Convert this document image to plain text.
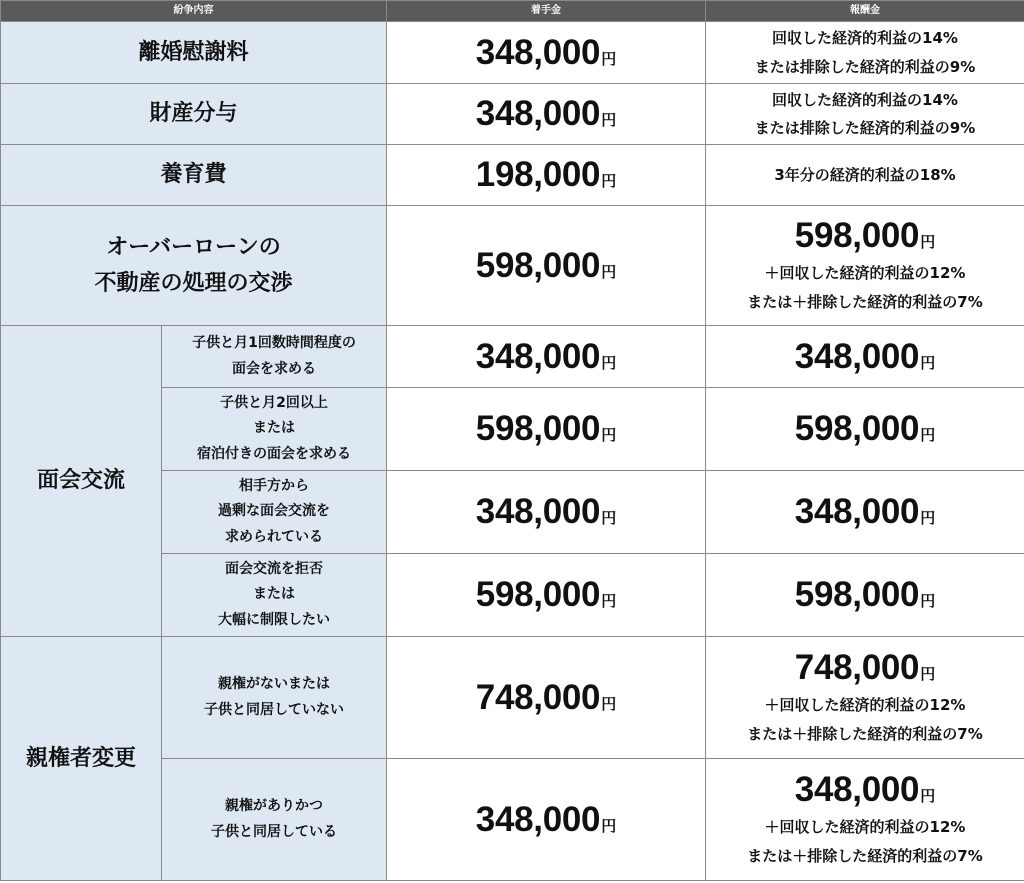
紛争内容		着手金	報酬金
離婚慰謝料		348,000円	回収した経済的利益の14%
または排除した経済的利益の9%

財産分与		348,000円	回収した経済的利益の14%
または排除した経済的利益の9%

養育費		198,000円	3年分の経済的利益の18%

オーバーローンの
不動産の処理の交渉		598,000円	598,000円
＋回収した経済的利益の12%
または＋排除した経済的利益の7%

面会交流	子供と月1回数時間程度の
面会を求める	348,000円	348,000円

	子供と月2回以上
または
宿泊付きの面会を求める	598,000円	598,000円

	相手方から
過剰な面会交流を
求められている	348,000円	348,000円

	面会交流を拒否
または
大幅に制限したい	598,000円	598,000円
親権者変更	親権がないまたは
子供と同居していない	748,000円	748,000円
＋回収した経済的利益の12%
または＋排除した経済的利益の7%

	親権がありかつ
子供と同居している	348,000円	348,000円
＋回収した経済的利益の12%
または＋排除した経済的利益の7%
